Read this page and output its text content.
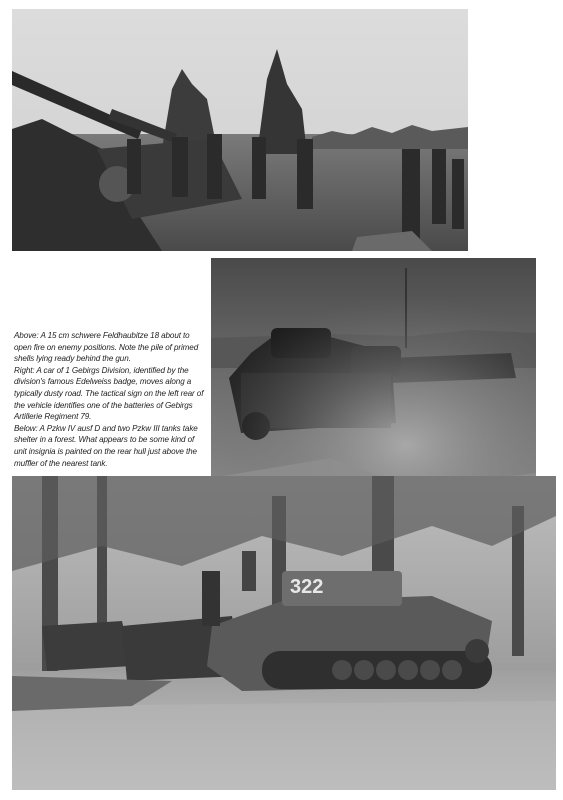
Above: A 15 cm schwere Feldhaubitze 18 about to open fire on enemy positions. Note the pile of primed shells lying ready behind the gun.

Right: A car of 1 Gebirgs Division, identified by the division's famous Edelweiss badge, moves along a typically dusty road. The tactical sign on the left rear of the vehicle identifies one of the batteries of Gebirgs Artillerie Regiment 79.

Below: A Pzkw IV ausf D and two Pzkw III tanks take shelter in a forest. What appears to be some kind of unit insignia is painted on the rear hull just above the muffler of the nearest tank.

322
